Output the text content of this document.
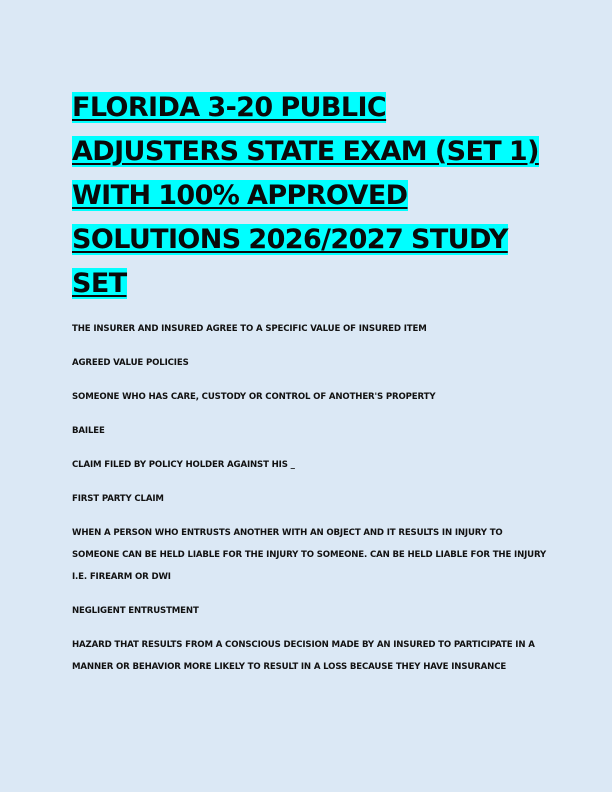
FLORIDA 3-20 PUBLIC ADJUSTERS STATE EXAM (SET 1) WITH 100% APPROVED SOLUTIONS 2026/2027 STUDY SET

THE INSURER AND INSURED AGREE TO A SPECIFIC VALUE OF INSURED ITEM

AGREED VALUE POLICIES

SOMEONE WHO HAS CARE, CUSTODY OR CONTROL OF ANOTHER'S PROPERTY

BAILEE

CLAIM FILED BY POLICY HOLDER AGAINST HIS _

FIRST PARTY CLAIM

WHEN A PERSON WHO ENTRUSTS ANOTHER WITH AN OBJECT AND IT RESULTS IN INJURY TO SOMEONE CAN BE HELD LIABLE FOR THE INJURY TO SOMEONE. CAN BE HELD LIABLE FOR THE INJURY I.E. FIREARM OR DWI

NEGLIGENT ENTRUSTMENT

HAZARD THAT RESULTS FROM A CONSCIOUS DECISION MADE BY AN INSURED TO PARTICIPATE IN A MANNER OR BEHAVIOR MORE LIKELY TO RESULT IN A LOSS BECAUSE THEY HAVE INSURANCE
